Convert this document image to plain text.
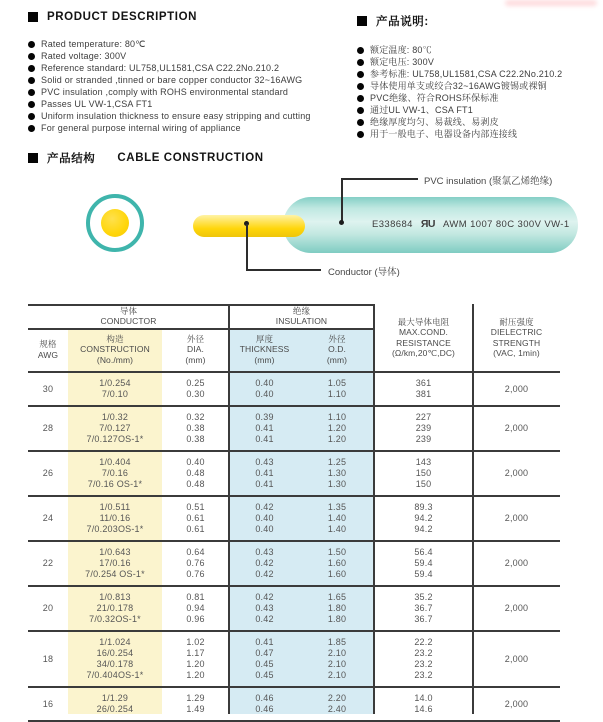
PRODUCT DESCRIPTION
Rated temperature: 80℃
Rated voltage: 300V
Reference standard: UL758,UL1581,CSA C22.2No.210.2
Solid or stranded ,tinned or bare copper conductor 32~16AWG
PVC insulation ,comply with ROHS environmental standard
Passes UL VW-1,CSA FT1
Uniform insulation thickness to ensure easy stripping and cutting
For general purpose internal wiring of appliance
产品说明:
额定温度: 80℃
额定电压: 300V
参考标准: UL758,UL1581,CSA C22.2No.210.2
导体使用单支或绞合32~16AWG镀锡或裸铜
PVC绝缘、符合ROHS环保标准
通过UL VW-1、CSA FT1
绝缘厚度均匀、易裁线、易剥皮
用于一般电子、电器设备内部连接线
产品结构 CABLE CONSTRUCTION
E338684 ЯU AWM 1007 80C 300V VW-1
PVC insulation (聚氯乙烯绝缘)
Conductor (导体)
导体
CONDUCTOR
绝缘
INSULATION
规格
AWG
构造
CONSTRUCTION
(No./mm)
外径
DIA.
(mm)
厚度
THICKNESS
(mm)
外径
O.D.
(mm)
最大导体电阻
MAX.COND.
RESISTANCE
(Ω/km,20℃,DC)
耐压强度
DIELECTRIC
STRENGTH
(VAC, 1min)
30
1/0.254
7/0.10
0.25
0.30
0.40
0.40
1.05
1.10
361
381
2,000
28
1/0.32
7/0.127
7/0.127OS-1*
0.32
0.38
0.38
0.39
0.41
0.41
1.10
1.20
1.20
227
239
239
2,000
26
1/0.404
7/0.16
7/0.16 OS-1*
0.40
0.48
0.48
0.43
0.41
0.41
1.25
1.30
1.30
143
150
150
2,000
24
1/0.511
11/0.16
7/0.203OS-1*
0.51
0.61
0.61
0.42
0.40
0.40
1.35
1.40
1.40
89.3
94.2
94.2
2,000
22
1/0.643
17/0.16
7/0.254 OS-1*
0.64
0.76
0.76
0.43
0.42
0.42
1.50
1.60
1.60
56.4
59.4
59.4
2,000
20
1/0.813
21/0.178
7/0.32OS-1*
0.81
0.94
0.96
0.42
0.43
0.42
1.65
1.80
1.80
35.2
36.7
36.7
2,000
18
1/1.024
16/0.254
34/0.178
7/0.404OS-1*
1.02
1.17
1.20
1.20
0.41
0.47
0.45
0.45
1.85
2.10
2.10
2.10
22.2
23.2
23.2
23.2
2,000
16
1/1.29
26/0.254
1.29
1.49
0.46
0.46
2.20
2.40
14.0
14.6
2,000
